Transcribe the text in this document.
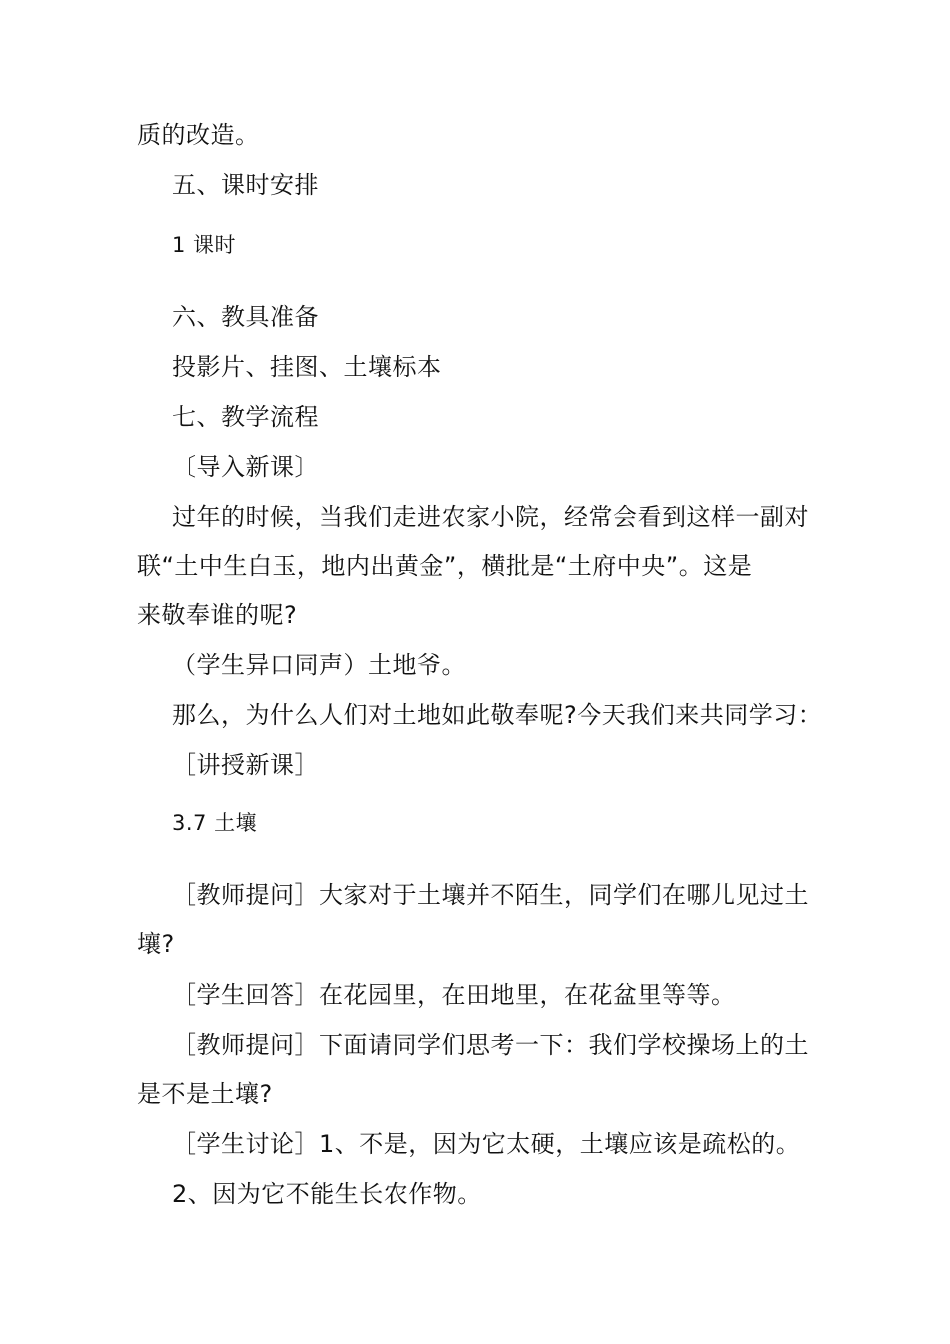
质的改造。

五、课时安排

1 课时

六、教具准备

投影片、挂图、土壤标本

七、教学流程

〔导入新课〕

过年的时候，当我们走进农家小院，经常会看到这样一副对

联“土中生白玉，地内出黄金”，横批是“土府中央”。这是

来敬奉谁的呢?

（学生异口同声）土地爷。

那么，为什么人们对土地如此敬奉呢?今天我们来共同学习：

［讲授新课］

3.7 土壤

［教师提问］大家对于土壤并不陌生，同学们在哪儿见过土

壤?

［学生回答］在花园里，在田地里，在花盆里等等。

［教师提问］下面请同学们思考一下：我们学校操场上的土

是不是土壤?

［学生讨论］1、不是，因为它太硬，土壤应该是疏松的。

2、因为它不能生长农作物。
